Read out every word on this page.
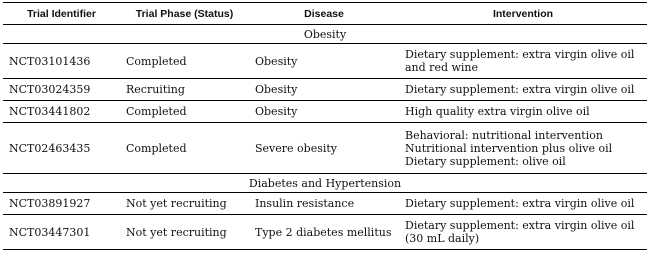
Trial Identifier	Trial Phase (Status)	Disease	Intervention
Obesity			
NCT03101436	Completed	Obesity	Dietary supplement: extra virgin olive oil
and red wine

NCT03024359	Recruiting	Obesity	Dietary supplement: extra virgin olive oil

NCT03441802	Completed	Obesity	High quality extra virgin olive oil

NCT02463435	Completed	Severe obesity	Behavioral: nutritional intervention
Nutritional intervention plus olive oil
Dietary supplement: olive oil

Diabetes and Hypertension			
NCT03891927	Not yet recruiting	Insulin resistance	Dietary supplement: extra virgin olive oil

NCT03447301	Not yet recruiting	Type 2 diabetes mellitus	Dietary supplement: extra virgin olive oil
(30 mL daily)
